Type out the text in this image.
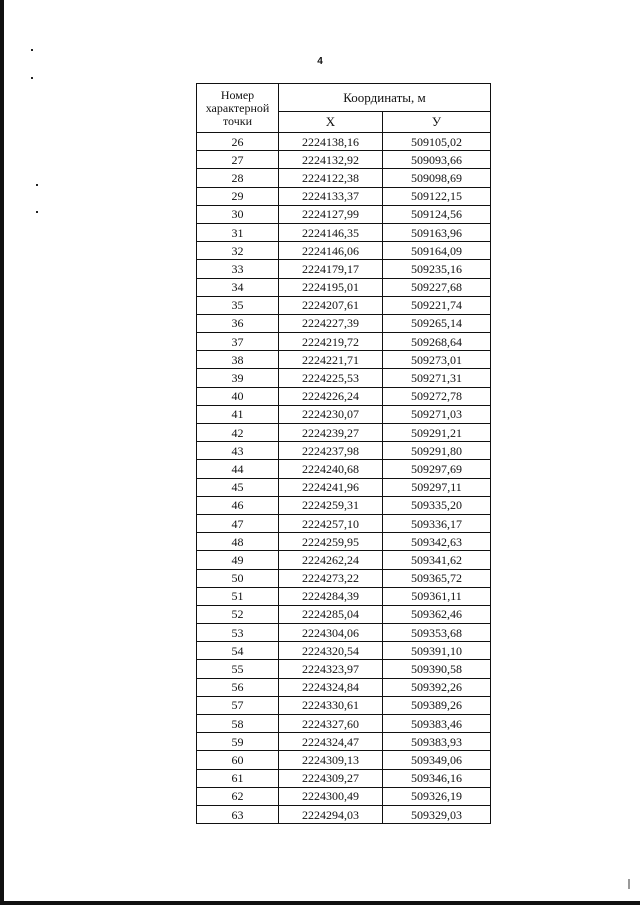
4
Номер характерной точки	Координаты, м	
	X	У
26	2224138,16	509105,02
27	2224132,92	509093,66
28	2224122,38	509098,69
29	2224133,37	509122,15
30	2224127,99	509124,56
31	2224146,35	509163,96
32	2224146,06	509164,09
33	2224179,17	509235,16
34	2224195,01	509227,68
35	2224207,61	509221,74
36	2224227,39	509265,14
37	2224219,72	509268,64
38	2224221,71	509273,01
39	2224225,53	509271,31
40	2224226,24	509272,78
41	2224230,07	509271,03
42	2224239,27	509291,21
43	2224237,98	509291,80
44	2224240,68	509297,69
45	2224241,96	509297,11
46	2224259,31	509335,20
47	2224257,10	509336,17
48	2224259,95	509342,63
49	2224262,24	509341,62
50	2224273,22	509365,72
51	2224284,39	509361,11
52	2224285,04	509362,46
53	2224304,06	509353,68
54	2224320,54	509391,10
55	2224323,97	509390,58
56	2224324,84	509392,26
57	2224330,61	509389,26
58	2224327,60	509383,46
59	2224324,47	509383,93
60	2224309,13	509349,06
61	2224309,27	509346,16
62	2224300,49	509326,19
63	2224294,03	509329,03
